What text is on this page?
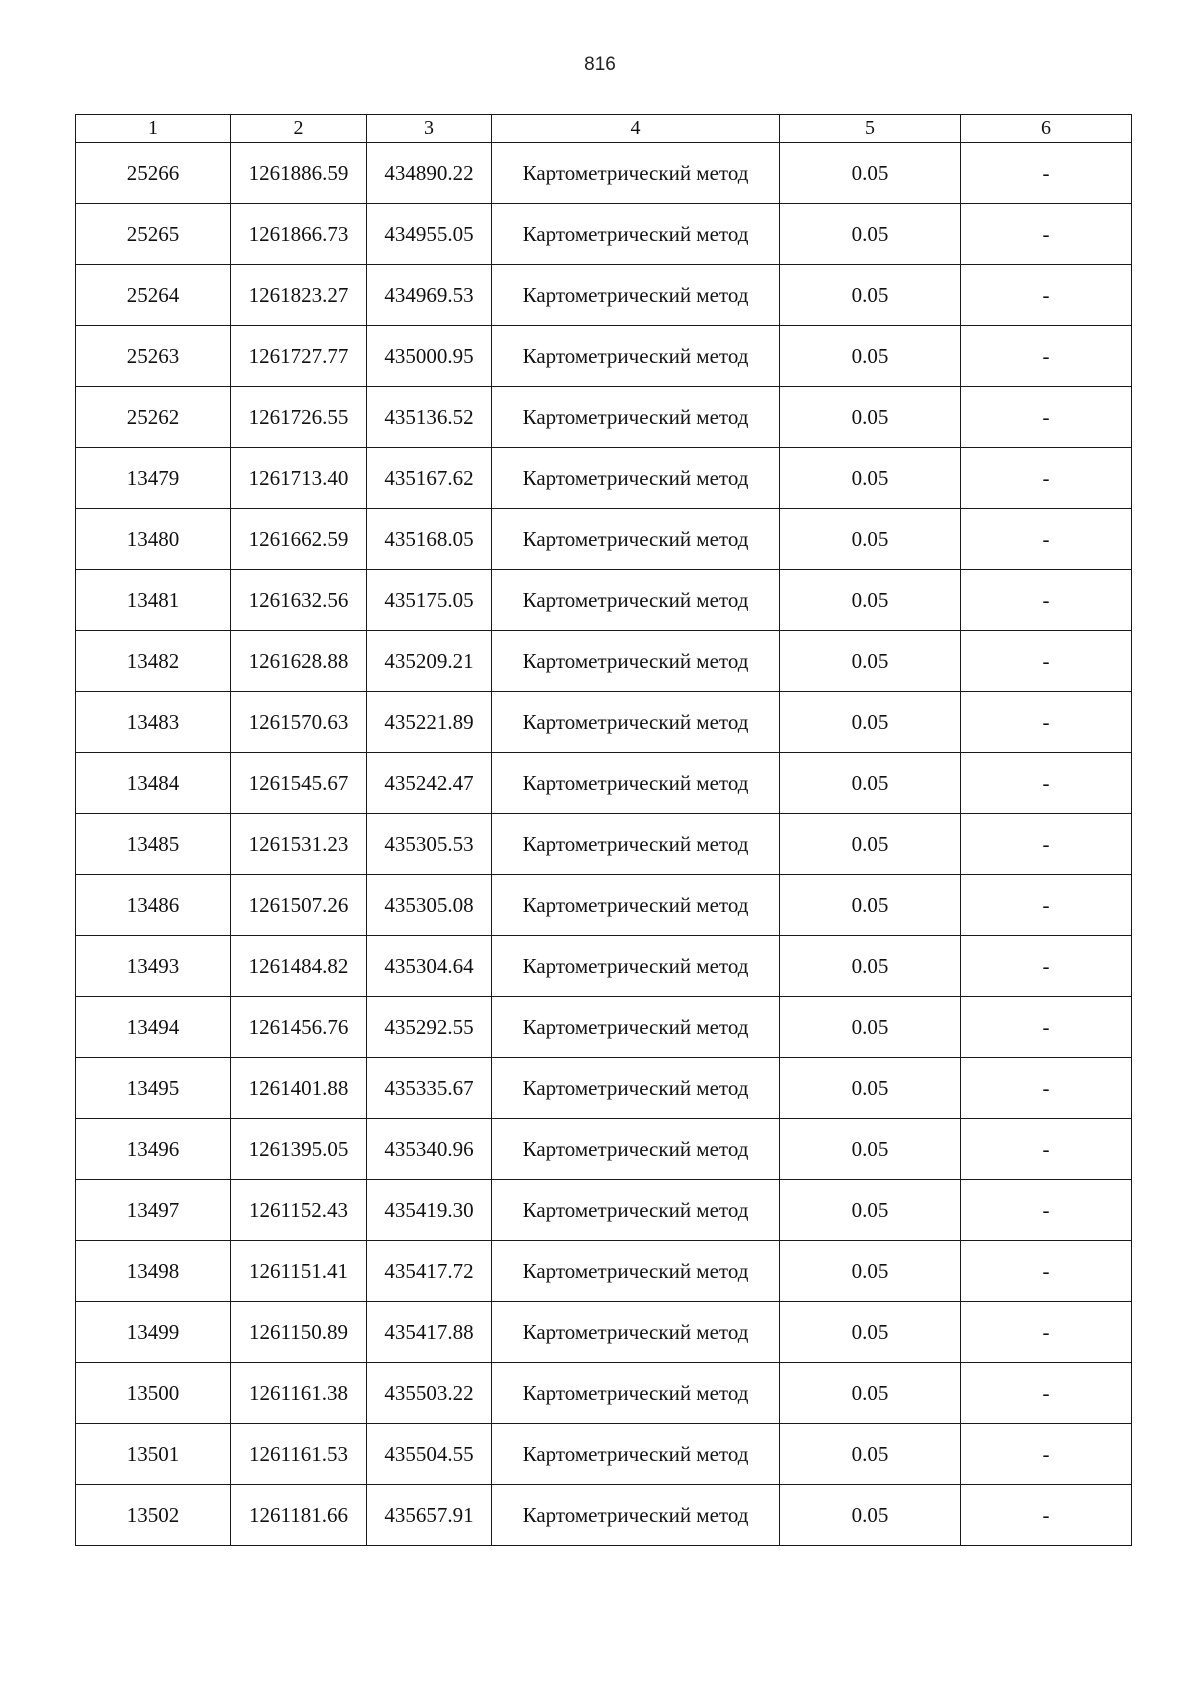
816
1	2	3	4	5	6
25266	1261886.59	434890.22	Картометрический метод	0.05	-
25265	1261866.73	434955.05	Картометрический метод	0.05	-
25264	1261823.27	434969.53	Картометрический метод	0.05	-
25263	1261727.77	435000.95	Картометрический метод	0.05	-
25262	1261726.55	435136.52	Картометрический метод	0.05	-
13479	1261713.40	435167.62	Картометрический метод	0.05	-
13480	1261662.59	435168.05	Картометрический метод	0.05	-
13481	1261632.56	435175.05	Картометрический метод	0.05	-
13482	1261628.88	435209.21	Картометрический метод	0.05	-
13483	1261570.63	435221.89	Картометрический метод	0.05	-
13484	1261545.67	435242.47	Картометрический метод	0.05	-
13485	1261531.23	435305.53	Картометрический метод	0.05	-
13486	1261507.26	435305.08	Картометрический метод	0.05	-
13493	1261484.82	435304.64	Картометрический метод	0.05	-
13494	1261456.76	435292.55	Картометрический метод	0.05	-
13495	1261401.88	435335.67	Картометрический метод	0.05	-
13496	1261395.05	435340.96	Картометрический метод	0.05	-
13497	1261152.43	435419.30	Картометрический метод	0.05	-
13498	1261151.41	435417.72	Картометрический метод	0.05	-
13499	1261150.89	435417.88	Картометрический метод	0.05	-
13500	1261161.38	435503.22	Картометрический метод	0.05	-
13501	1261161.53	435504.55	Картометрический метод	0.05	-
13502	1261181.66	435657.91	Картометрический метод	0.05	-
